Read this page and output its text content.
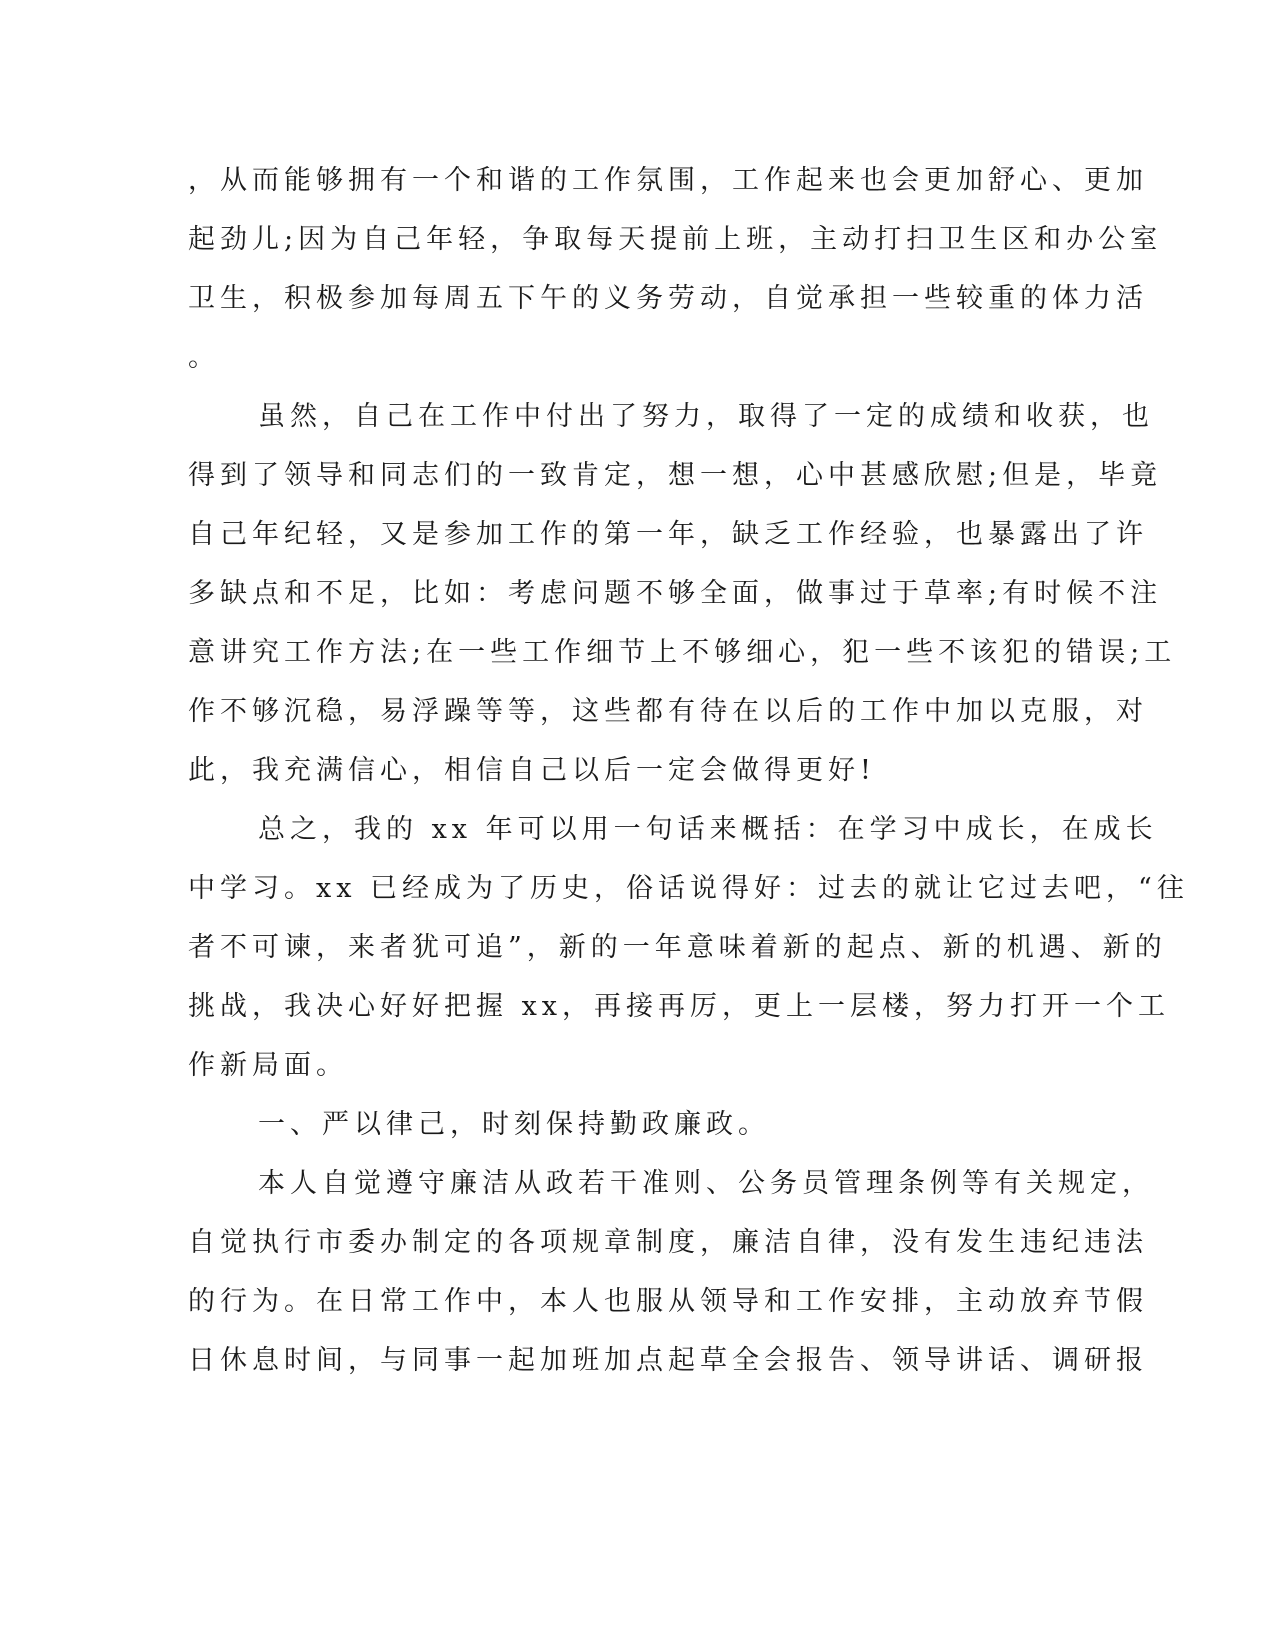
，从而能够拥有一个和谐的工作氛围，工作起来也会更加舒心、更加

起劲儿;因为自己年轻，争取每天提前上班，主动打扫卫生区和办公室

卫生，积极参加每周五下午的义务劳动，自觉承担一些较重的体力活

。

虽然，自己在工作中付出了努力，取得了一定的成绩和收获，也

得到了领导和同志们的一致肯定，想一想，心中甚感欣慰;但是，毕竟

自己年纪轻，又是参加工作的第一年，缺乏工作经验，也暴露出了许

多缺点和不足，比如：考虑问题不够全面，做事过于草率;有时候不注

意讲究工作方法;在一些工作细节上不够细心，犯一些不该犯的错误;工

作不够沉稳，易浮躁等等，这些都有待在以后的工作中加以克服，对

此，我充满信心，相信自己以后一定会做得更好!

总之，我的 xx 年可以用一句话来概括：在学习中成长，在成长

中学习。xx 已经成为了历史，俗话说得好：过去的就让它过去吧，“往

者不可谏，来者犹可追”，新的一年意味着新的起点、新的机遇、新的

挑战，我决心好好把握 xx，再接再厉，更上一层楼，努力打开一个工

作新局面。

一、严以律己，时刻保持勤政廉政。

本人自觉遵守廉洁从政若干准则、公务员管理条例等有关规定，

自觉执行市委办制定的各项规章制度，廉洁自律，没有发生违纪违法

的行为。在日常工作中，本人也服从领导和工作安排，主动放弃节假

日休息时间，与同事一起加班加点起草全会报告、领导讲话、调研报
